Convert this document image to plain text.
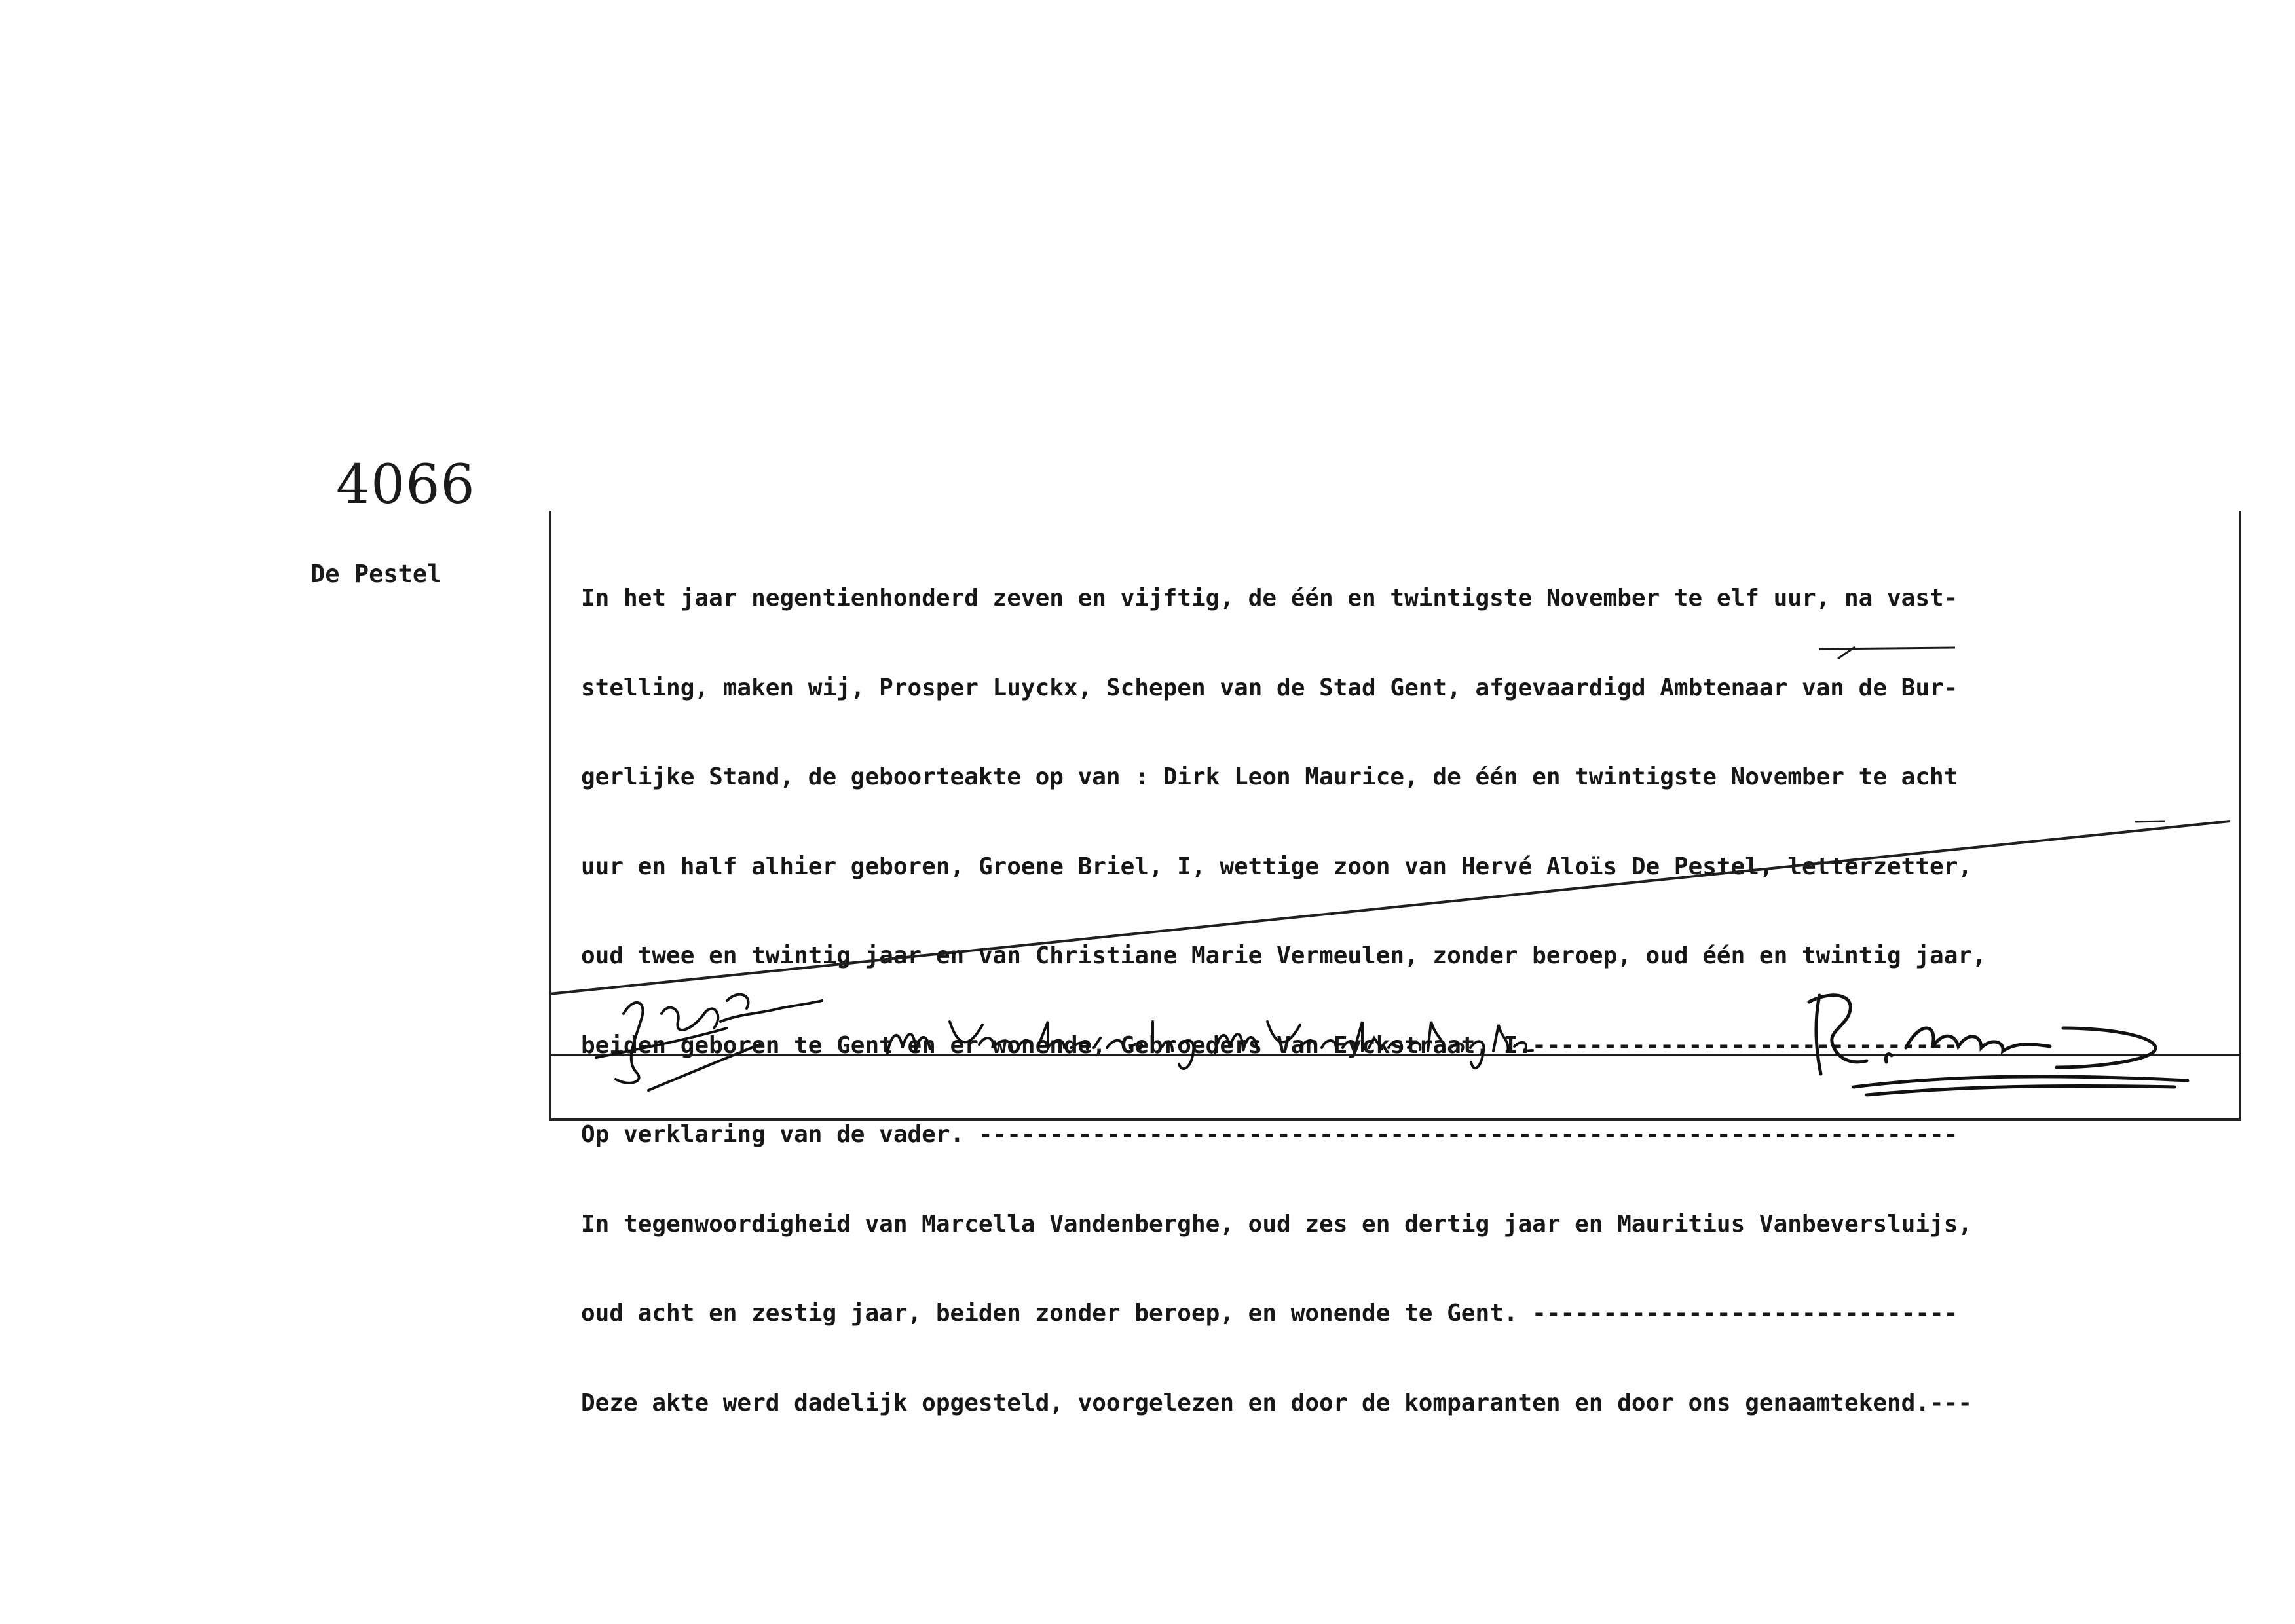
4066
De Pestel

In het jaar negentienhonderd zeven en vijftig, de één en twintigste November te elf uur, na vast-

stelling, maken wij, Prosper Luyckx, Schepen van de Stad Gent, afgevaardigd Ambtenaar van de Bur-

gerlijke Stand, de geboorteakte op van : Dirk Leon Maurice, de één en twintigste November te acht

uur en half alhier geboren, Groene Briel, I, wettige zoon van Hervé Aloïs De Pestel, letterzetter,

oud twee en twintig jaar en van Christiane Marie Vermeulen, zonder beroep, oud één en twintig jaar,

beiden geboren te Gent en er wonende, Gebroeders Van Eyckstraat, I.------------------------------

Op verklaring van de vader. ---------------------------------------------------------------------

In tegenwoordigheid van Marcella Vandenberghe, oud zes en dertig jaar en Mauritius Vanbeversluijs,

oud acht en zestig jaar, beiden zonder beroep, en wonende te Gent. ------------------------------

Deze akte werd dadelijk opgesteld, voorgelezen en door de komparanten en door ons genaamtekend.---
